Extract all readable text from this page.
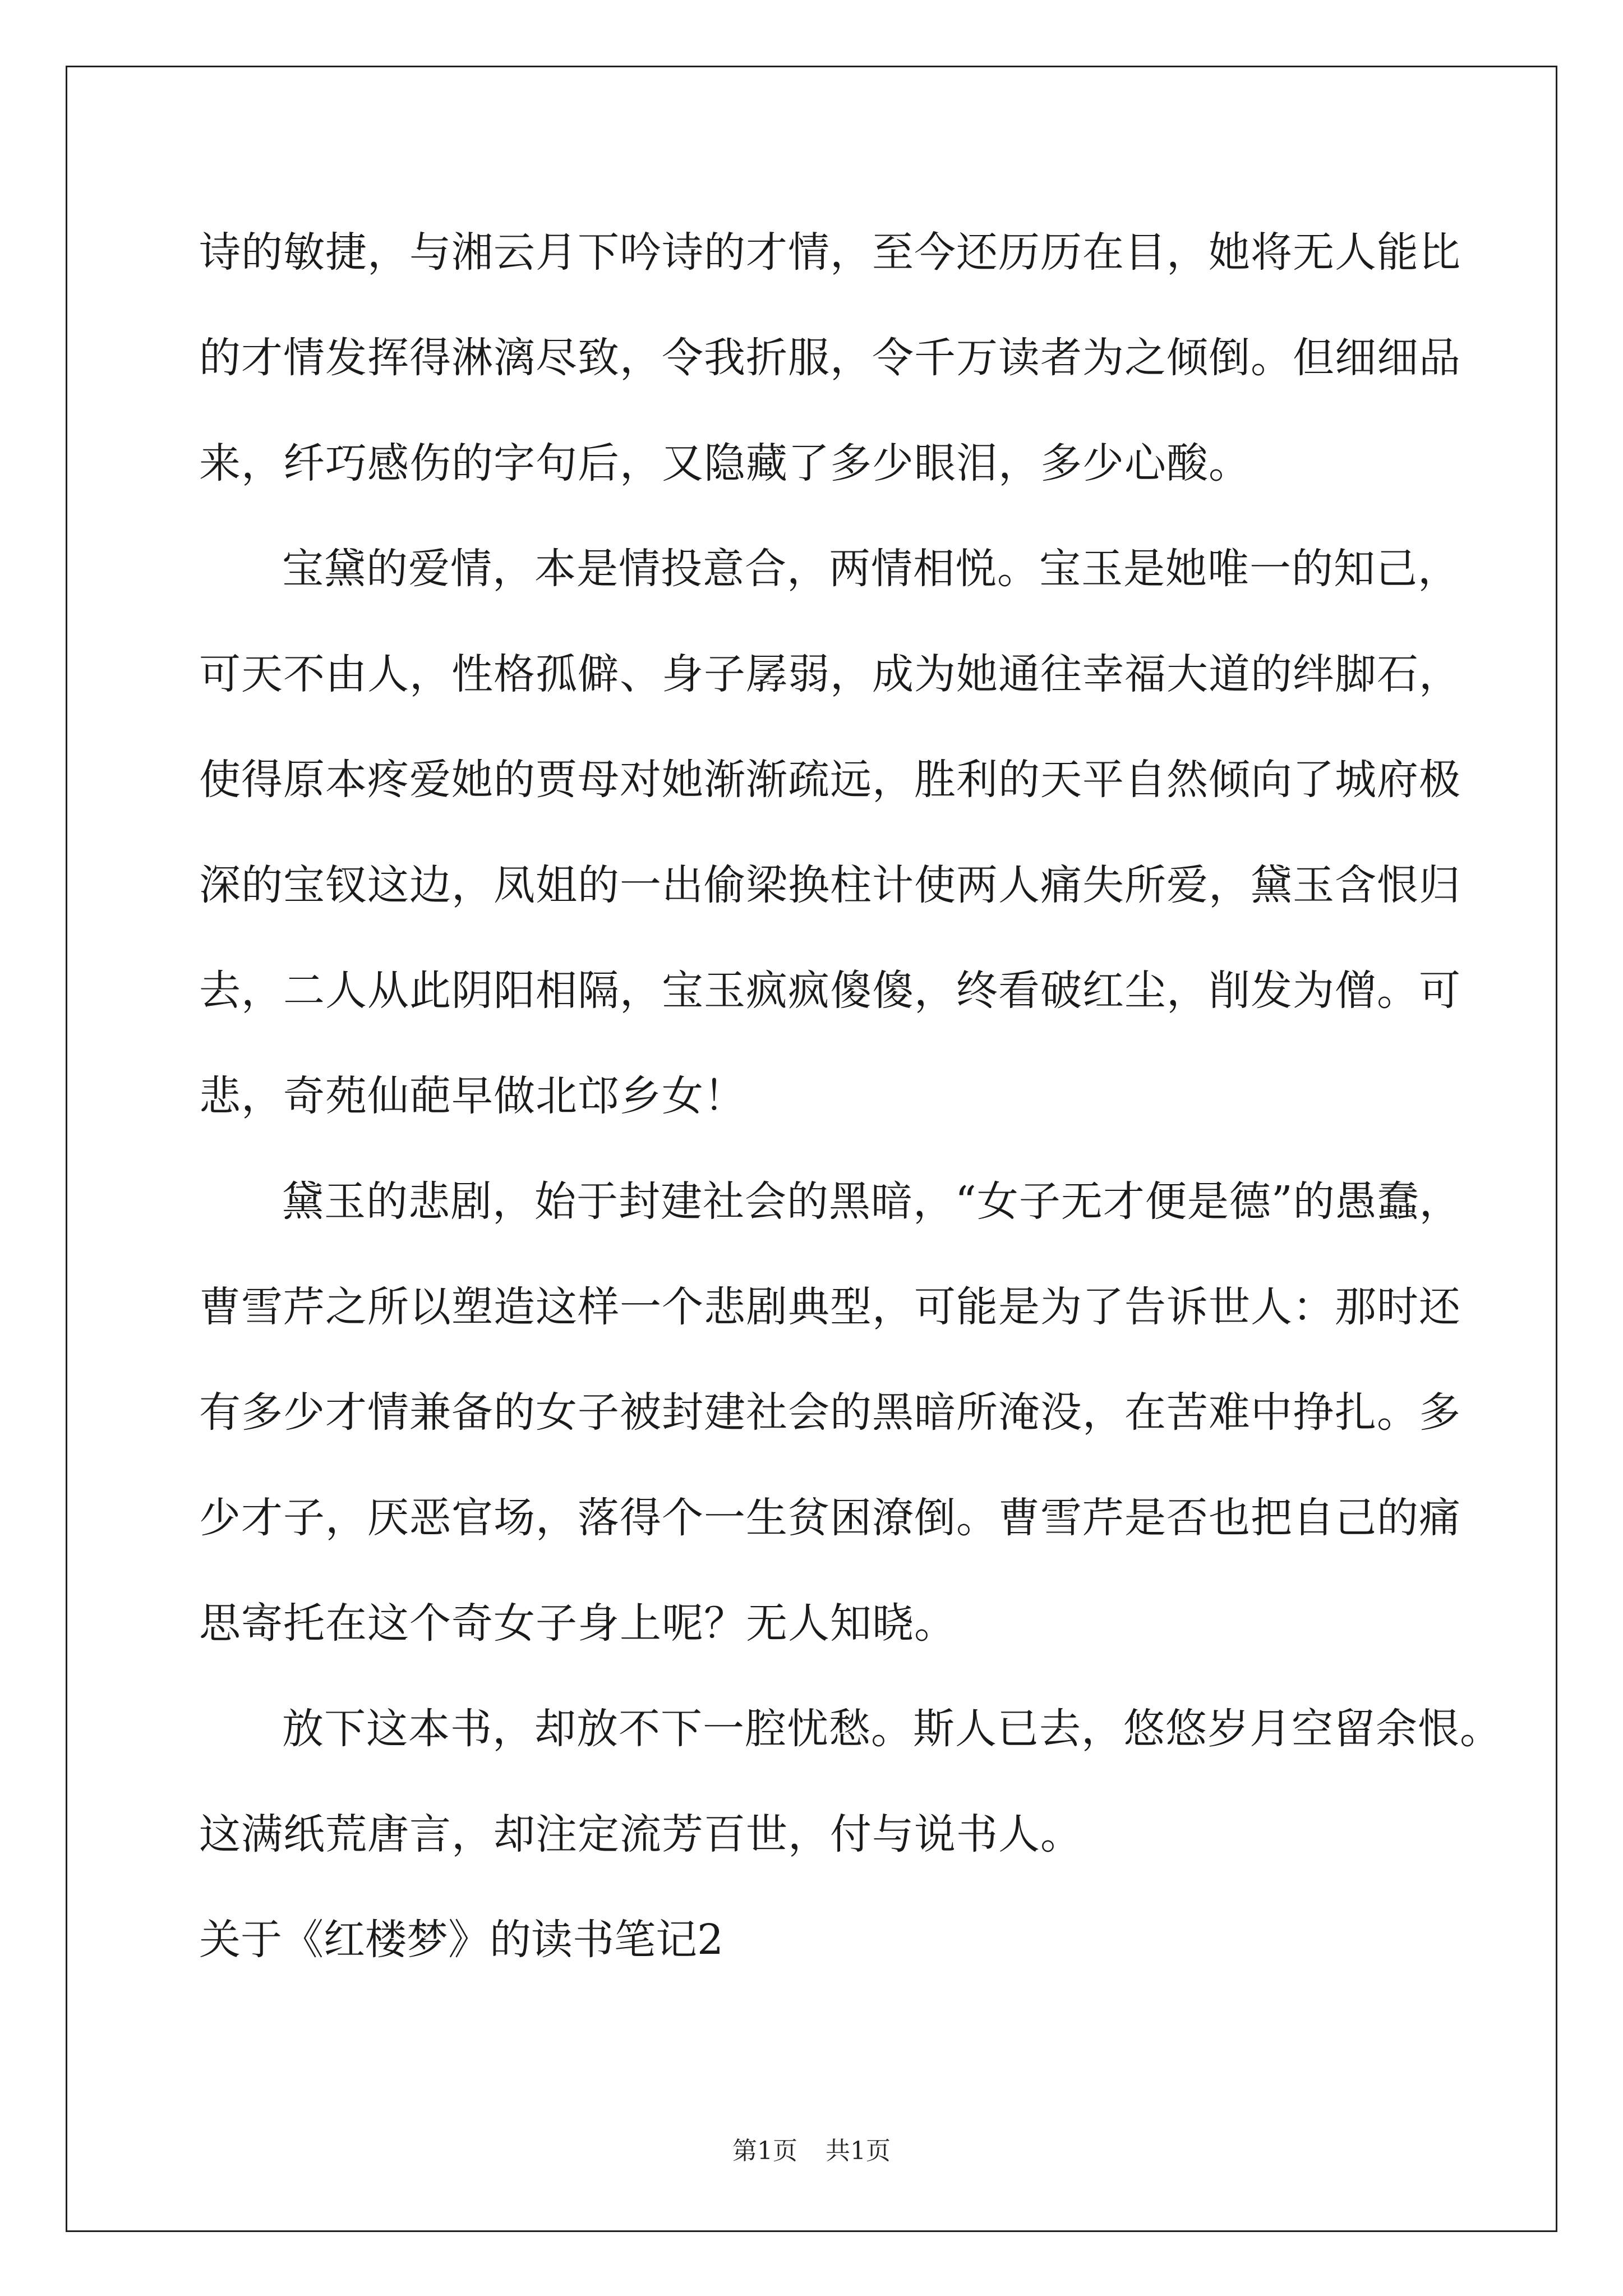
诗的敏捷，与湘云月下吟诗的才情，至今还历历在目，她将无人能比
的才情发挥得淋漓尽致，令我折服，令千万读者为之倾倒。但细细品
来，纤巧感伤的字句后，又隐藏了多少眼泪，多少心酸。
宝黛的爱情，本是情投意合，两情相悦。宝玉是她唯一的知己，
可天不由人，性格孤僻、身子孱弱，成为她通往幸福大道的绊脚石，
使得原本疼爱她的贾母对她渐渐疏远，胜利的天平自然倾向了城府极
深的宝钗这边，凤姐的一出偷梁换柱计使两人痛失所爱，黛玉含恨归
去，二人从此阴阳相隔，宝玉疯疯傻傻，终看破红尘，削发为僧。可
悲，奇苑仙葩早做北邙乡女！
黛玉的悲剧，始于封建社会的黑暗，“女子无才便是德”的愚蠢，
曹雪芹之所以塑造这样一个悲剧典型，可能是为了告诉世人：那时还
有多少才情兼备的女子被封建社会的黑暗所淹没，在苦难中挣扎。多
少才子，厌恶官场，落得个一生贫困潦倒。曹雪芹是否也把自己的痛
思寄托在这个奇女子身上呢？无人知晓。
放下这本书，却放不下一腔忧愁。斯人已去，悠悠岁月空留余恨。
这满纸荒唐言，却注定流芳百世，付与说书人。
关于《红楼梦》的读书笔记2
第1页 共1页
